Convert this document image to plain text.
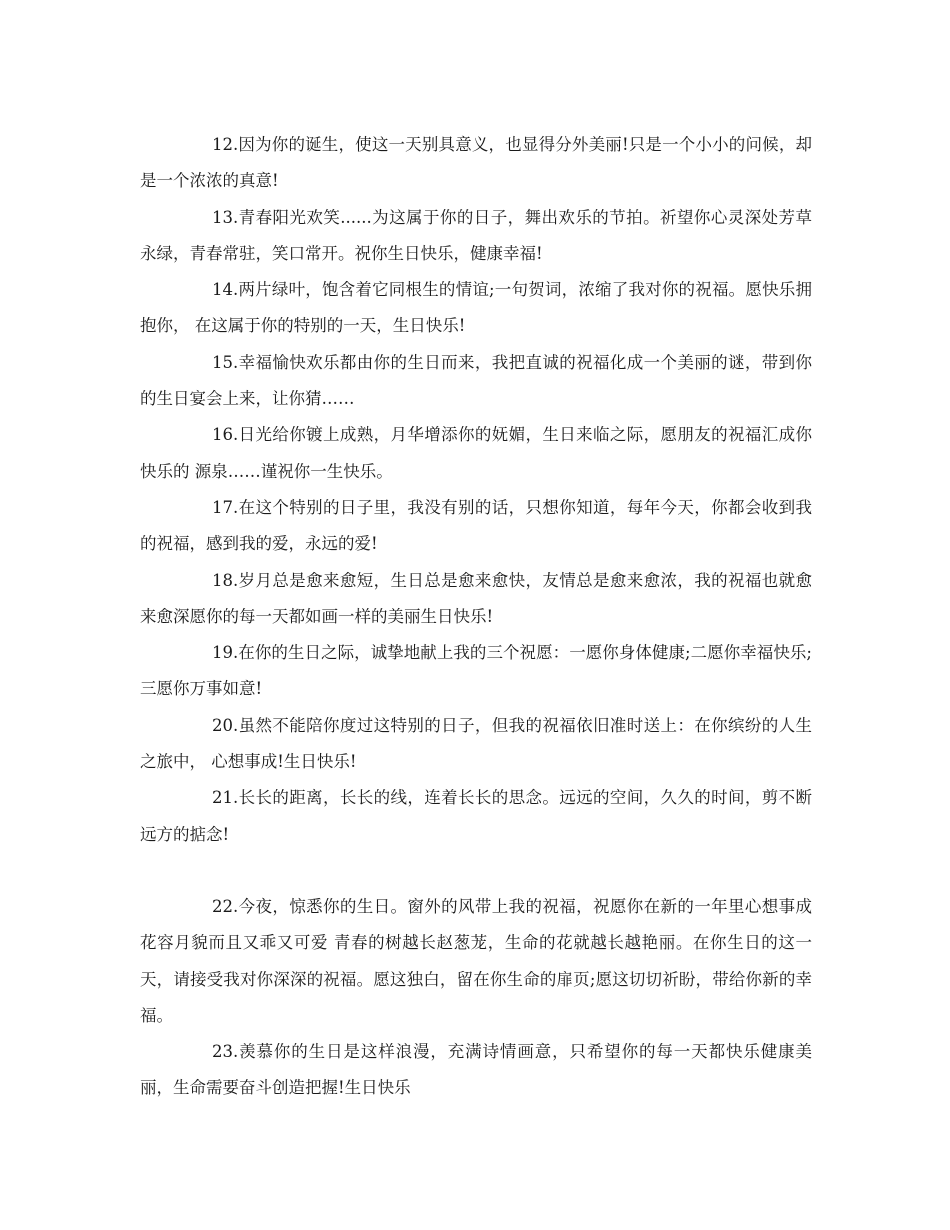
12.因为你的诞生，使这一天别具意义，也显得分外美丽!只是一个小小的问候，却是一个浓浓的真意!

13.青春阳光欢笑......为这属于你的日子，舞出欢乐的节拍。祈望你心灵深处芳草永绿，青春常驻，笑口常开。祝你生日快乐，健康幸福!

14.两片绿叶，饱含着它同根生的情谊;一句贺词，浓缩了我对你的祝福。愿快乐拥抱你， 在这属于你的特别的一天，生日快乐!

15.幸福愉快欢乐都由你的生日而来，我把直诚的祝福化成一个美丽的谜，带到你的生日宴会上来，让你猜……

16.日光给你镀上成熟，月华增添你的妩媚，生日来临之际，愿朋友的祝福汇成你快乐的 源泉……谨祝你一生快乐。

17.在这个特别的日子里，我没有别的话，只想你知道，每年今天，你都会收到我的祝福，感到我的爱，永远的爱!

18.岁月总是愈来愈短，生日总是愈来愈快，友情总是愈来愈浓，我的祝福也就愈来愈深愿你的每一天都如画一样的美丽生日快乐!

19.在你的生日之际，诚挚地献上我的三个祝愿：一愿你身体健康;二愿你幸福快乐;三愿你万事如意!

20.虽然不能陪你度过这特别的日子，但我的祝福依旧准时送上：在你缤纷的人生之旅中， 心想事成!生日快乐!

21.长长的距离，长长的线，连着长长的思念。远远的空间，久久的时间，剪不断远方的掂念!

22.今夜，惊悉你的生日。窗外的风带上我的祝福，祝愿你在新的一年里心想事成花容月貌而且又乖又可爱 青春的树越长赵葱茏，生命的花就越长越艳丽。在你生日的这一天，请接受我对你深深的祝福。愿这独白，留在你生命的扉页;愿这切切祈盼，带给你新的幸福。

23.羡慕你的生日是这样浪漫，充满诗情画意，只希望你的每一天都快乐健康美丽，生命需要奋斗创造把握!生日快乐
